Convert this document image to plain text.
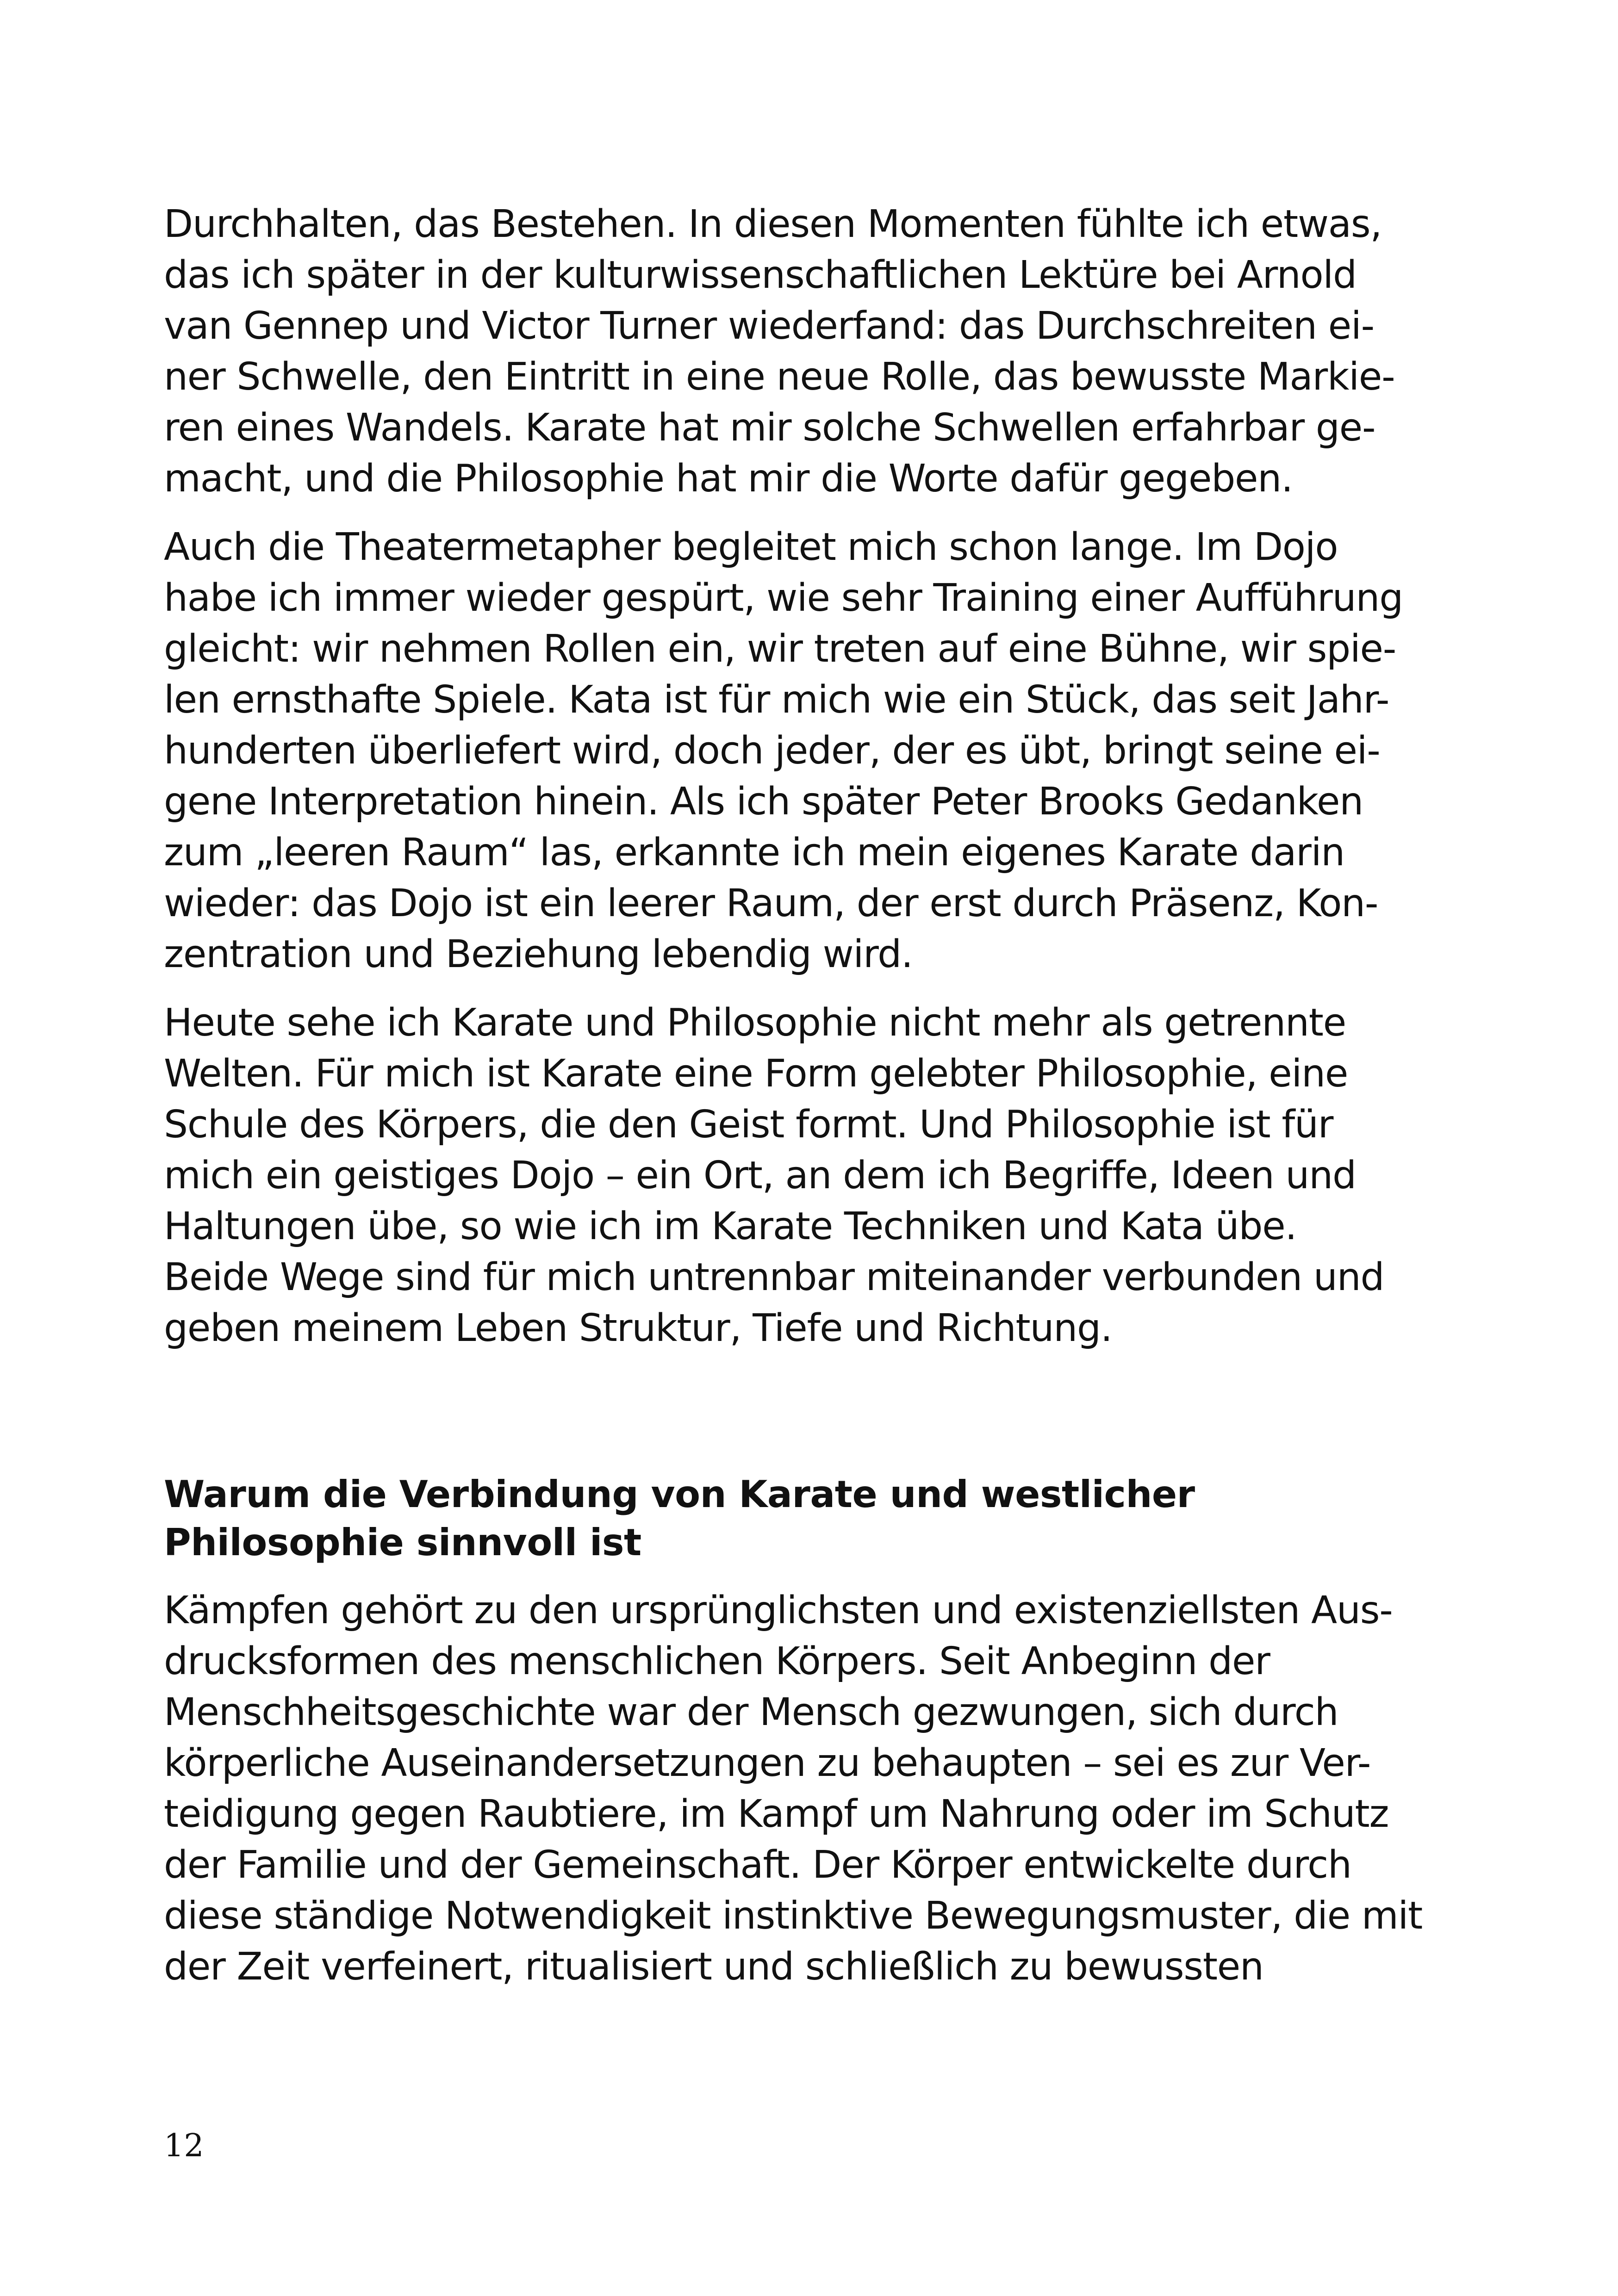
Durchhalten, das Bestehen. In diesen Momenten fühlte ich etwas,
das ich später in der kulturwissenschaftlichen Lektüre bei Arnold
van Gennep und Victor Turner wiederfand: das Durchschreiten ei-
ner Schwelle, den Eintritt in eine neue Rolle, das bewusste Markie-
ren eines Wandels. Karate hat mir solche Schwellen erfahrbar ge-
macht, und die Philosophie hat mir die Worte dafür gegeben.
Auch die Theatermetapher begleitet mich schon lange. Im Dojo
habe ich immer wieder gespürt, wie sehr Training einer Aufführung
gleicht: wir nehmen Rollen ein, wir treten auf eine Bühne, wir spie-
len ernsthafte Spiele. Kata ist für mich wie ein Stück, das seit Jahr-
hunderten überliefert wird, doch jeder, der es übt, bringt seine ei-
gene Interpretation hinein. Als ich später Peter Brooks Gedanken
zum „leeren Raum“ las, erkannte ich mein eigenes Karate darin
wieder: das Dojo ist ein leerer Raum, der erst durch Präsenz, Kon-
zentration und Beziehung lebendig wird.
Heute sehe ich Karate und Philosophie nicht mehr als getrennte
Welten. Für mich ist Karate eine Form gelebter Philosophie, eine
Schule des Körpers, die den Geist formt. Und Philosophie ist für
mich ein geistiges Dojo – ein Ort, an dem ich Begriffe, Ideen und
Haltungen übe, so wie ich im Karate Techniken und Kata übe.
Beide Wege sind für mich untrennbar miteinander verbunden und
geben meinem Leben Struktur, Tiefe und Richtung.
Warum die Verbindung von Karate und westlicher
Philosophie sinnvoll ist
Kämpfen gehört zu den ursprünglichsten und existenziellsten Aus-
drucksformen des menschlichen Körpers. Seit Anbeginn der
Menschheitsgeschichte war der Mensch gezwungen, sich durch
körperliche Auseinandersetzungen zu behaupten – sei es zur Ver-
teidigung gegen Raubtiere, im Kampf um Nahrung oder im Schutz
der Familie und der Gemeinschaft. Der Körper entwickelte durch
diese ständige Notwendigkeit instinktive Bewegungsmuster, die mit
der Zeit verfeinert, ritualisiert und schließlich zu bewussten
12
